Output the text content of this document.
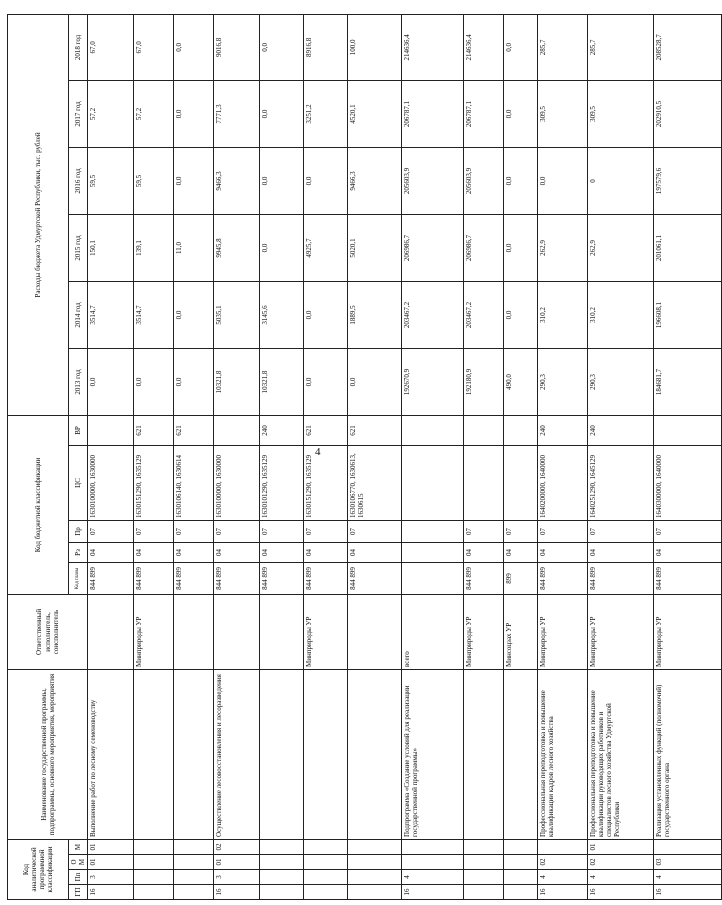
4
Код аналитической программной классификации				Наименование государственной программы, подпрограммы, основного мероприятия, мероприятия	Ответственный исполнитель, соисполнитель	Код бюджетной классификации					Расходы бюджета Удмуртской Республики, тыс. рублей					
ГП	Пп	ОМ	М			Код главы	Рз	Пр	ЦС	ВР	2013 год	2014 год	2015 год	2016 год	2017 год	2018 год
16	3	01	01	Выполнение работ по лесному семеноводству		844 899	04	07	1630100000, 1630000		0,0	3514,7	150,1	59,5	57,2	67,0
					Минприроды УР	844 899	04	07	1630151290, 1635129	621	0,0	3514,7	139,1	59,5	57,2	67,0
						844 899	04	07	1630106140, 1630614	621	0,0	0,0	11,0	0,0	0,0	0,0
16	3	01	02	Осуществление лесовосстановления и лесоразведения		844 899	04	07	1630100000, 1630000		10321,8	5035,1	9945,8	9466,3	7771,3	9016,8
						844 899	04	07	1630101290, 1635129	240	10321,8	3145,6	0,0	0,0	0,0	0,0
					Минприроды УР	844 899	04	07	1630151290, 1635129	621	0,0	0,0	4925,7	0,0	3251,2	8916,8
						844 899	04	07	1630106770, 1630613, 1630615	621	0,0	1889,5	5020,1	9466,3	4520,1	100,0
16	4			Подпрограмма «Создание условий для реализации государственной программы»	всего						192670,9	203467,2	206986,7	205603,9	206787,1	214636,4
					Минприроды УР	844 899	04	07			192180,9	203467,2	206986,7	205603,9	206787,1	214636,4
					Минсоцзах УР	899	04	07			490,0	0,0	0,0	0,0	0,0	0,0
16	4	02		Профессиональная переподготовка и повышение квалификации кадров лесного хозяйства	Минприроды УР	844 899	04	07	1640200000, 1640000	240	290,3	310,2	262,9	0,0	309,5	285,7
16	4	02	01	Профессиональная переподготовка и повышение квалификации руководящих работников и специалистов лесного хозяйства Удмуртской Республики	Минприроды УР	844 899	04	07	1640251290, 1645129	240	290,3	310,2	262,9	0	309,5	285,7
16	4	03		Реализация установленных функций (полномочий) государственного органа	Минприроды УР	844 899	04	07	1640300000, 1640000		184681,7	196608,1	201061,1	197579,6	202910,5	208528,7
